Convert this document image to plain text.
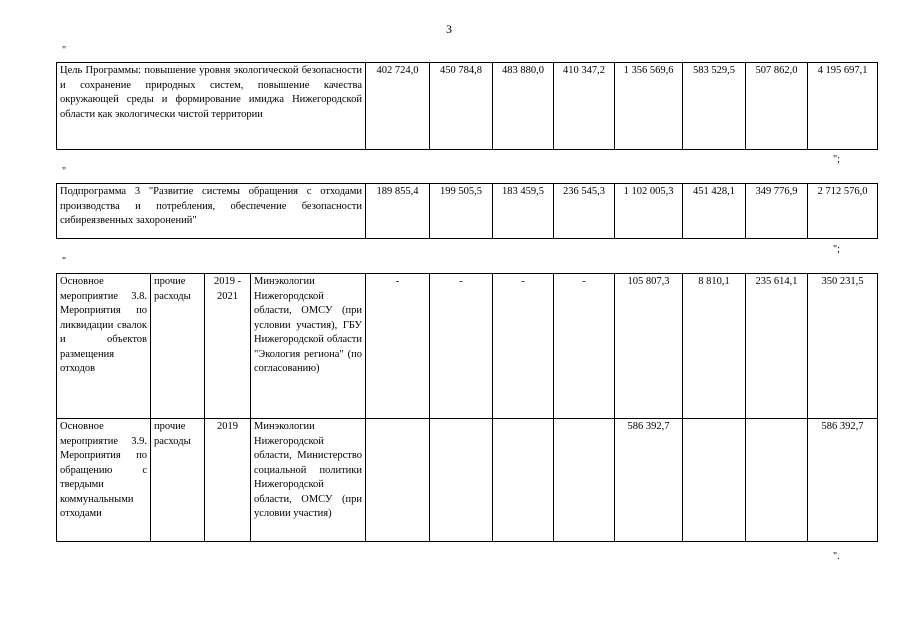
3
"
Цель Программы: повышение уровня экологической безопасности и сохранение природных систем, повышение качества окружающей среды и формирование имиджа Нижегородской области как экологически чистой территории	402 724,0	450 784,8	483 880,0	410 347,2	1 356 569,6	583 529,5	507 862,0	4 195 697,1
";
"
Подпрограмма 3 "Развитие системы обращения с отходами производства и потребления, обеспечение безопасности сибиреязвенных захоронений"	189 855,4	199 505,5	183 459,5	236 545,3	1 102 005,3	451 428,1	349 776,9	2 712 576,0
";
"
Основное мероприятие 3.8. Мероприятия по ликвидации свалок и объектов размещения отходов	прочие расходы	2019 - 2021	Минэкологии Нижегородской области, ОМСУ (при условии участия), ГБУ Нижегородской области "Экология региона" (по согласованию)	-	-	-	-	105 807,3	8 810,1	235 614,1	350 231,5
Основное мероприятие 3.9. Мероприятия по обращению с твердыми коммунальными отходами	прочие расходы	2019	Минэкологии Нижегородской области, Министерство социальной политики Нижегородской области, ОМСУ (при условии участия)					586 392,7			586 392,7
".
